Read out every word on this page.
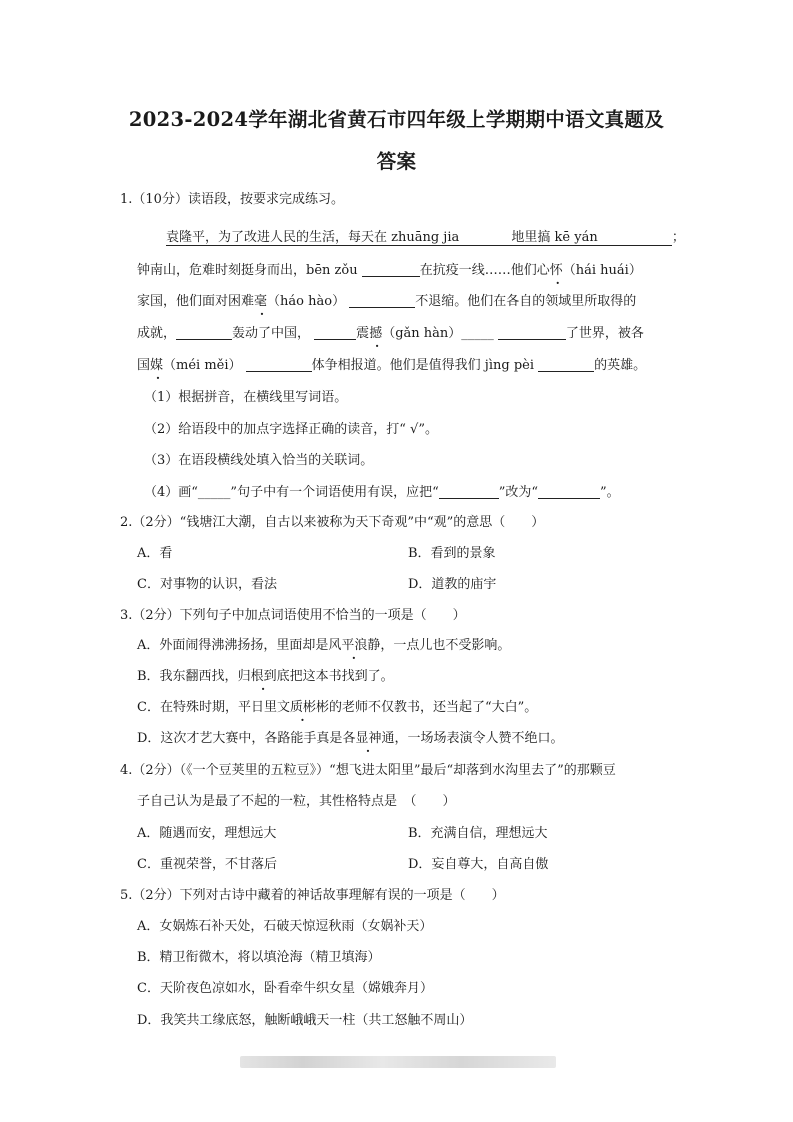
2023-2024学年湖北省黄石市四年级上学期期中语文真题及
答案
1.（10分）读语段，按要求完成练习。
袁隆平，为了改进人民的生活，每天在 zhuāng jia	地里搞 kē yán	；
钟南山，危难时刻挺身而出，bēn zǒu	在抗疫一线……他们心怀（hái huái）
家国，他们面对困难毫（háo hào）	不退缩。他们在各自的领域里所取得的
成就，	轰动了中国，	震撼（gǎn hàn）_____	了世界，被各
国媒（méi měi）	体争相报道。他们是值得我们 jìng pèi	的英雄。
（1）根据拼音，在横线里写词语。
（2）给语段中的加点字选择正确的读音，打“ √”。
（3）在语段横线处填入恰当的关联词。
（4）画“_____”句子中有一个词语使用有误，应把“	”改为“	”。
2.（2分）“钱塘江大潮，自古以来被称为天下奇观”中“观”的意思（　　）
A．看	B．看到的景象
C．对事物的认识，看法	D．道教的庙宇
3.（2分）下列句子中加点词语使用不恰当的一项是（　　）
A．外面闹得沸沸扬扬，里面却是风平浪静，一点儿也不受影响。
B．我东翻西找，归根到底把这本书找到了。
C．在特殊时期，平日里文质彬彬的老师不仅教书，还当起了“大白”。
D．这次才艺大赛中，各路能手真是各显神通，一场场表演令人赞不绝口。
4.（2分）（《一个豆荚里的五粒豆》）“想飞进太阳里”最后“却落到水沟里去了”的那颗豆
子自己认为是最了不起的一粒，其性格特点是　（　　）
A．随遇而安，理想远大	B．充满自信，理想远大
C．重视荣誉，不甘落后	D．妄自尊大，自高自傲
5.（2分）下列对古诗中藏着的神话故事理解有误的一项是（　　）
A．女娲炼石补天处，石破天惊逗秋雨（女娲补天）
B．精卫衔微木，将以填沧海（精卫填海）
C．天阶夜色凉如水，卧看牵牛织女星（嫦娥奔月）
D．我笑共工缘底怒，触断峨峨天一柱（共工怒触不周山）
